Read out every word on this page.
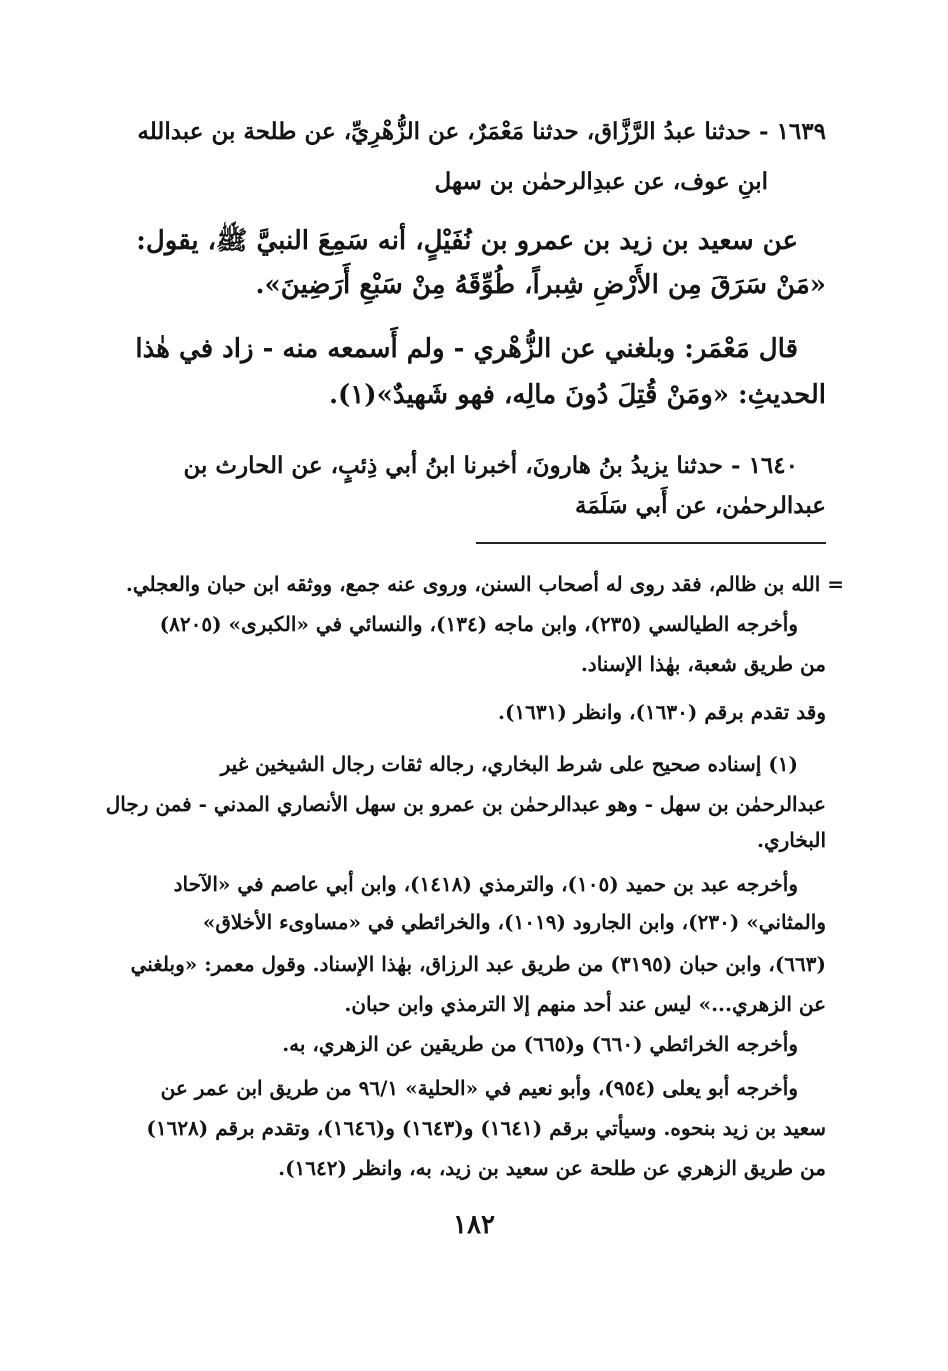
١٦٣٩ - حدثنا عبدُ الرَّزَّاق، حدثنا مَعْمَرٌ، عن الزُّهْرِيِّ، عن طلحة بن عبدالله
ابنِ عوف، عن عبدِالرحمٰن بن سهل
عن سعيد بن زيد بن عمرو بن نُفَيْلٍ، أنه سَمِعَ النبيَّ ﷺ، يقول:
«مَنْ سَرَقَ مِن الأَرْضِ شِبراً، طُوِّقَهُ مِنْ سَبْعِ أَرَضِينَ».
قال مَعْمَر: وبلغني عن الزُّهْري - ولم أَسمعه منه - زاد في هٰذا
الحديثِ: «ومَنْ قُتِلَ دُونَ مالِه، فهو شَهيدٌ»(١).
١٦٤٠ - حدثنا يزيدُ بنُ هارونَ، أخبرنا ابنُ أبي ذِئبٍ، عن الحارث بن
عبدالرحمٰن، عن أَبي سَلَمَة
= الله بن ظالم، فقد روى له أصحاب السنن، وروى عنه جمع، ووثقه ابن حبان والعجلي.
وأخرجه الطيالسي (٢٣٥)، وابن ماجه (١٣٤)، والنسائي في «الكبرى» (٨٢٠٥)
من طريق شعبة، بهٰذا الإسناد.
وقد تقدم برقم (١٦٣٠)، وانظر (١٦٣١).
(١) إسناده صحيح على شرط البخاري، رجاله ثقات رجال الشيخين غير
عبدالرحمٰن بن سهل - وهو عبدالرحمٰن بن عمرو بن سهل الأنصاري المدني - فمن رجال
البخاري.
وأخرجه عبد بن حميد (١٠٥)، والترمذي (١٤١٨)، وابن أبي عاصم في «الآحاد
والمثاني» (٢٣٠)، وابن الجارود (١٠١٩)، والخرائطي في «مساوىء الأخلاق»
(٦٦٣)، وابن حبان (٣١٩٥) من طريق عبد الرزاق، بهٰذا الإسناد. وقول معمر: «وبلغني
عن الزهري...» ليس عند أحد منهم إلا الترمذي وابن حبان.
وأخرجه الخرائطي (٦٦٠) و(٦٦٥) من طريقين عن الزهري، به.
وأخرجه أبو يعلى (٩٥٤)، وأبو نعيم في «الحلية» ٩٦/١ من طريق ابن عمر عن
سعيد بن زيد بنحوه. وسيأتي برقم (١٦٤١) و(١٦٤٣) و(١٦٤٦)، وتقدم برقم (١٦٢٨)
من طريق الزهري عن طلحة عن سعيد بن زيد، به، وانظر (١٦٤٢).
١٨٢
